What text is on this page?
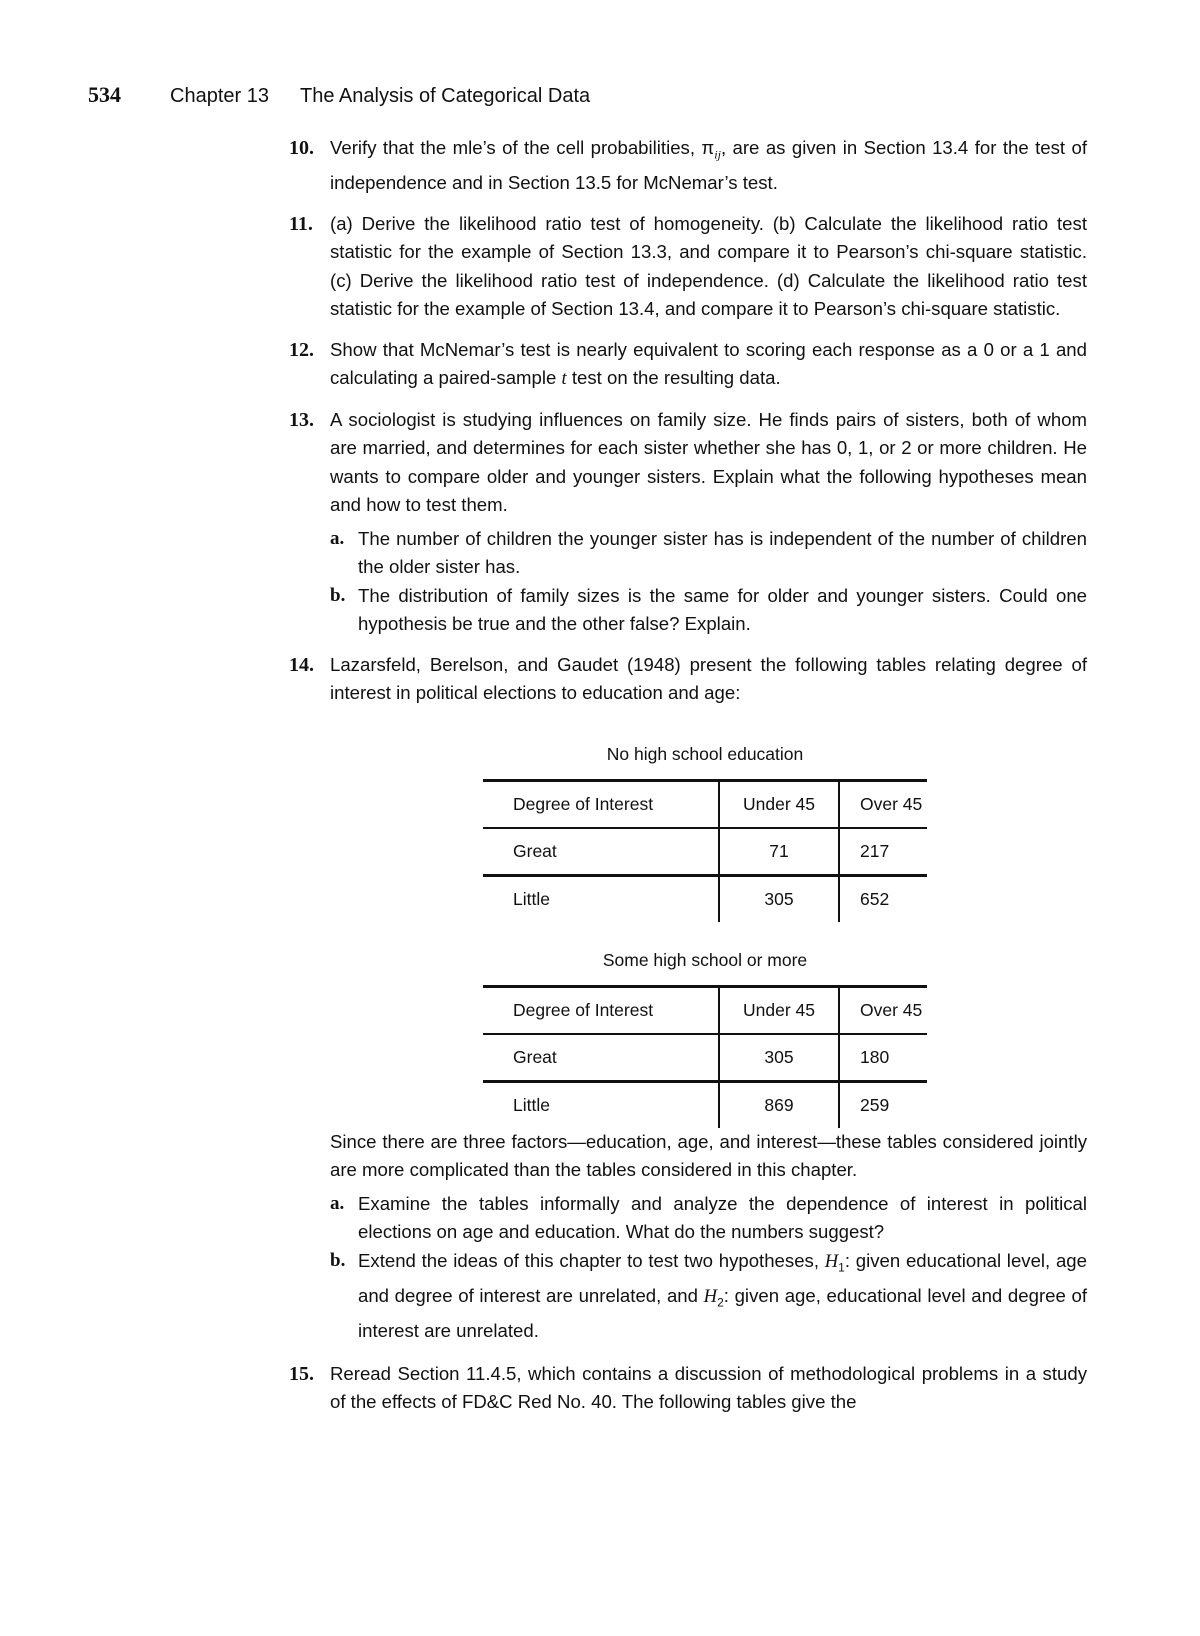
534 Chapter 13 The Analysis of Categorical Data
10. Verify that the mle’s of the cell probabilities, $\pi_{ij}$, are as given in Section 13.4 for the test of independence and in Section 13.5 for McNemar’s test.
11. (a) Derive the likelihood ratio test of homogeneity. (b) Calculate the likelihood ratio test statistic for the example of Section 13.3, and compare it to Pearson’s chi-square statistic. (c) Derive the likelihood ratio test of independence. (d) Calculate the likelihood ratio test statistic for the example of Section 13.4, and compare it to Pearson’s chi-square statistic.
12. Show that McNemar’s test is nearly equivalent to scoring each response as a 0 or a 1 and calculating a paired-sample t test on the resulting data.
13. A sociologist is studying influences on family size. He finds pairs of sisters, both of whom are married, and determines for each sister whether she has 0, 1, or 2 or more children. He wants to compare older and younger sisters. Explain what the following hypotheses mean and how to test them.
a. The number of children the younger sister has is independent of the number of children the older sister has.
b. The distribution of family sizes is the same for older and younger sisters. Could one hypothesis be true and the other false? Explain.
14. Lazarsfeld, Berelson, and Gaudet (1948) present the following tables relating degree of interest in political elections to education and age:
No high school education
Degree of Interest	Under 45	Over 45
Great	71	217
Little	305	652
Some high school or more
Degree of Interest	Under 45	Over 45
Great	305	180
Little	869	259
Since there are three factors—education, age, and interest—these tables considered jointly are more complicated than the tables considered in this chapter.
a. Examine the tables informally and analyze the dependence of interest in political elections on age and education. What do the numbers suggest?
b. Extend the ideas of this chapter to test two hypotheses, $H_1$: given educational level, age and degree of interest are unrelated, and $H_2$: given age, educational level and degree of interest are unrelated.
15. Reread Section 11.4.5, which contains a discussion of methodological problems in a study of the effects of FD&C Red No. 40. The following tables give the
